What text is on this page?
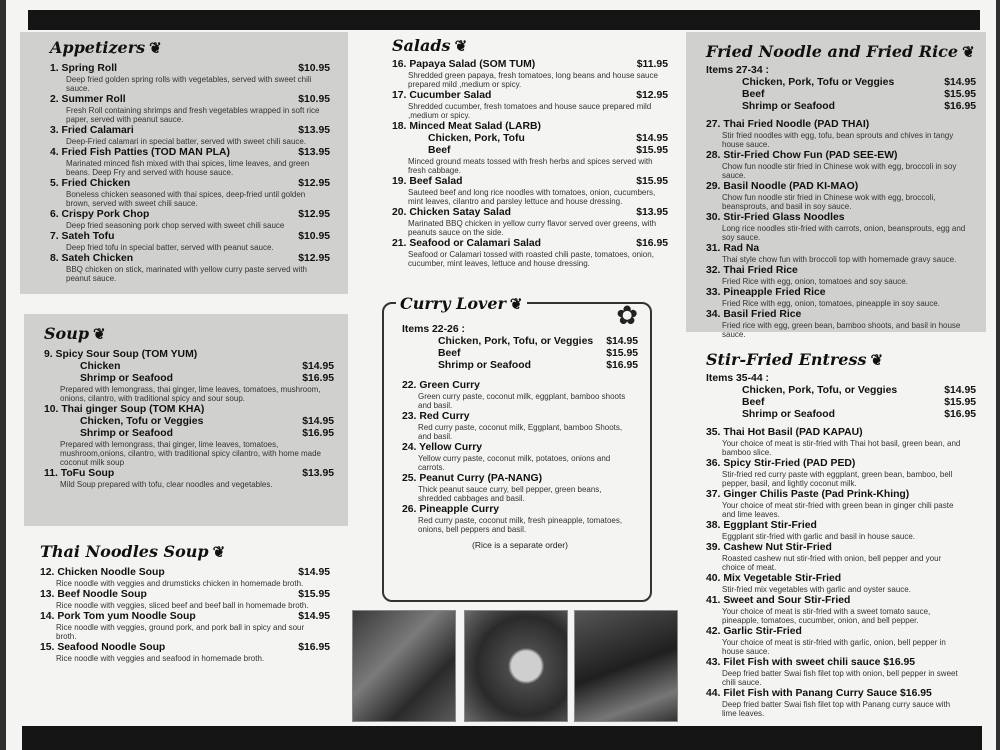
Appetizers ❦
1. Spring Roll	$10.95
Deep fried golden spring rolls with vegetables, served with sweet chili sauce.
2. Summer Roll	$10.95
Fresh Roll containing shrimps and fresh vegetables wrapped in soft rice paper, served with peanut sauce.
3. Fried Calamari	$13.95
Deep-Fried calamari in special batter, served with sweet chili sauce.
4. Fried Fish Patties (TOD MAN PLA)	$13.95
Marinated minced fish mixed with thai spices, lime leaves, and green beans. Deep Fry and served with house sauce.
5. Fried Chicken	$12.95
Boneless chicken seasoned with thai spices, deep-fried until golden brown, served with sweet chili sauce.
6. Crispy Pork Chop	$12.95
Deep fried seasoning pork chop served with sweet chili sauce
7. Sateh Tofu	$10.95
Deep fried tofu in special batter, served with peanut sauce.
8. Sateh Chicken	$12.95
BBQ chicken on stick, marinated with yellow curry paste served with peanut sauce.
Soup ❦
9. Spicy Sour Soup (TOM YUM)
Chicken	$14.95
Shrimp or Seafood	$16.95
Prepared with lemongrass, thai ginger, lime leaves, tomatoes, mushroom, onions, cilantro, with traditional spicy and sour soup.
10. Thai ginger Soup (TOM KHA)
Chicken, Tofu or Veggies	$14.95
Shrimp or Seafood	$16.95
Prepared with lemongrass, thai ginger, lime leaves, tomatoes, mushroom,onions, cilantro, with traditional spicy cilantro, with home made coconut milk soup
11. ToFu Soup	$13.95
Mild Soup prepared with tofu, clear noodles and vegetables.
Thai Noodles Soup ❦
12. Chicken Noodle Soup	$14.95
Rice noodle with veggies and drumsticks chicken in homemade broth.
13. Beef Noodle Soup	$15.95
Rice noodle with veggies, sliced beef and beef ball in homemade broth.
14. Pork Tom yum Noodle Soup	$14.95
Rice noodle with veggies, ground pork, and pork ball in spicy and sour broth.
15. Seafood Noodle Soup	$16.95
Rice noodle with veggies and seafood in homemade broth.
Salads ❦
16. Papaya Salad (SOM TUM)	$11.95
Shredded green papaya, fresh tomatoes, long beans and house sauce prepared mild ,medium or spicy.
17. Cucumber Salad	$12.95
Shredded cucumber, fresh tomatoes and house sauce prepared mild ,medium or spicy.
18. Minced Meat Salad (LARB)
Chicken, Pork, Tofu	$14.95
Beef	$15.95
Minced ground meats tossed with fresh herbs and spices served with fresh cabbage.
19. Beef Salad	$15.95
Sauteed beef and long rice noodles with tomatoes, onion, cucumbers, mint leaves, cilantro and parsley lettuce and house dressing.
20. Chicken Satay Salad	$13.95
Marinated BBQ chicken in yellow curry flavor served over greens, with peanuts sauce on the side.
21. Seafood or Calamari Salad	$16.95
Seafood or Calamari tossed with roasted chili paste, tomatoes, onion, cucumber, mint leaves, lettuce and house dressing.
Curry Lover ❦	✿
Items 22-26 :
Chicken, Pork, Tofu, or Veggies $14.95
Beef	$15.95
Shrimp or Seafood	$16.95
22. Green Curry
Green curry paste, coconut milk, eggplant, bamboo shoots and basil.
23. Red Curry
Red curry paste, coconut milk, Eggplant, bamboo Shoots, and basil.
24. Yellow Curry
Yellow curry paste, coconut milk, potatoes, onions and carrots.
25. Peanut Curry (PA-NANG)
Thick peanut sauce curry, bell pepper, green beans, shredded cabbages and basil.
26. Pineapple Curry
Red curry paste, coconut milk, fresh pineapple, tomatoes, onions, bell peppers and basil.
(Rice is a separate order)
Fried Noodle and Fried Rice ❦
Items 27-34 :
Chicken, Pork, Tofu or Veggies	$14.95
Beef	$15.95
Shrimp or Seafood	$16.95
27. Thai Fried Noodle (PAD THAI)
Stir fried noodles with egg, tofu, bean sprouts and chives in tangy house sauce.
28. Stir-Fried Chow Fun (PAD SEE-EW)
Chow fun noodle stir fried in Chinese wok with egg, broccoli in soy sauce.
29. Basil Noodle (PAD KI-MAO)
Chow fun noodle stir fried in Chinese wok with egg, broccoli, beansprouts, and basil in soy sauce.
30. Stir-Fried Glass Noodles
Long rice noodles stir-fried with carrots, onion, beansprouts, egg and soy sauce.
31. Rad Na
Thai style chow fun with broccoli top with homemade gravy sauce.
32. Thai Fried Rice
Fried Rice with egg, onion, tomatoes and soy sauce.
33. Pineapple Fried Rice
Fried Rice with egg, onion, tomatoes, pineapple in soy sauce.
34. Basil Fried Rice
Fried rice with egg, green bean, bamboo shoots, and basil in house sauce.
Stir-Fried Entress ❦
Items 35-44 :
Chicken, Pork, Tofu, or Veggies	$14.95
Beef	$15.95
Shrimp or Seafood	$16.95
35. Thai Hot Basil (PAD KAPAU)
Your choice of meat is stir-fried with Thai hot basil, green bean, and bamboo slice.
36. Spicy Stir-Fried (PAD PED)
Stir-fried red curry paste with eggplant, green bean, bamboo, bell pepper, basil, and lightly coconut milk.
37. Ginger Chilis Paste (Pad Prink-Khing)
Your choice of meat stir-fried with green bean in ginger chili paste and lime leaves.
38. Eggplant Stir-Fried
Eggplant stir-fried with garlic and basil in house sauce.
39. Cashew Nut Stir-Fried
Roasted cashew nut stir-fried with onion, bell pepper and your choice of meat.
40. Mix Vegetable Stir-Fried
Stir-fried mix vegetables with garlic and oyster sauce.
41. Sweet and Sour Stir-Fried
Your choice of meat is stir-fried with a sweet tomato sauce, pineapple, tomatoes, cucumber, onion, and bell pepper.
42. Garlic Stir-Fried
Your choice of meat is stir-fried with garlic, onion, bell pepper in house sauce.
43. Filet Fish with sweet chili sauce $16.95
Deep fried batter Swai fish filet top with onion, bell pepper in sweet chili sauce.
44. Filet Fish with Panang Curry Sauce $16.95
Deep fried batter Swai fish filet top with Panang curry sauce with lime leaves.
